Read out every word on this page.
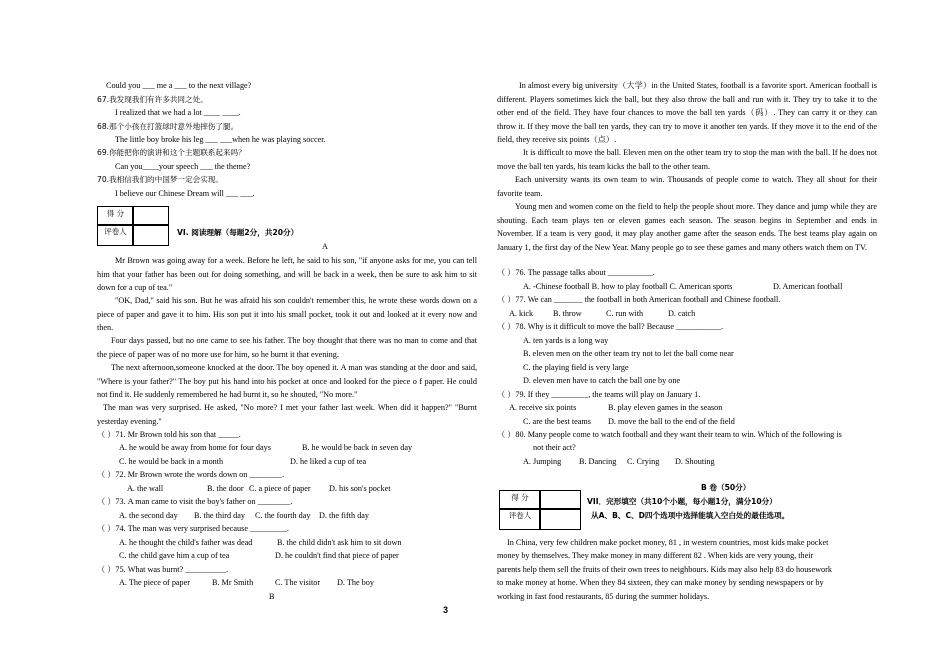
Could you ___ me a ___ to the next village?
67.我发现我们有许多共同之处。
I realized that we had a lot ____ ____.
68.那个小孩在打篮球时意外地摔伤了腿。
The little boy broke his leg ___ ___when he was playing soccer.
69.你能把你的演讲和这个主题联系起来吗？
Can you____your speech ___ the theme?
70.我相信我们的中国梦一定会实现。
I believe our Chinese Dream will ___ ___.
得 分
评卷人	VI. 阅读理解（每题2分，共20分）
A
Mr Brown was going away for a week. Before he left, he said to his son, "if anyone asks for me, you can tell him that your father has been out for doing something, and will be back in a week, then be sure to ask him to sit down for a cup of tea."
"OK, Dad," said his son. But he was afraid his son couldn't remember this, he wrote these words down on a piece of paper and gave it to him. His son put it into his small pocket, took it out and looked at it every now and then.
Four days passed, but no one came to see his father. The boy thought that there was no man to come and that the piece of paper was of no more use for him, so he burnt it that evening.
The next afternoon,someone knocked at the door. The boy opened it. A man was standing at the door and said, "Where is your father?" The boy put his hand into his pocket at once and looked for the piece o f paper. He could not find it. He suddenly remembered he had burnt it, so he shouted, "No more."
The man was very surprised. He asked, "No more? I met your father last week. When did it happen?" "Burnt yesterday evening."
（ ）71. Mr Brown told his son that _____.
A. he would be away from home for four days	B. he would be back in seven day
C. he would be back in a month	D. he liked a cup of tea
（ ）72. Mr Brown wrote the words down on ________.
A. the wall	B. the door C. a piece of paper D. his son's pocket
（ ）73. A man came to visit the boy's father on ________.
A. the second day B. the third day C. the fourth day D. the fifth day
（ ）74. The man was very surprised because _________.
A. he thought the child's father was dead	B. the child didn't ask him to sit down
C. the child gave him a cup of tea	D. he couldn't find that piece of paper
（ ）75. What was burnt? __________.
A. The piece of paper	B. Mr Smith	C. The visitor D. The boy
B
In almost every big university（大学）in the United States, football is a favorite sport. American football is different. Players sometimes kick the ball, but they also throw the ball and run with it. They try to take it to the other end of the field. They have four chances to move the ball ten yards（码）. They can carry it or they can throw it. If they move the ball ten yards, they can try to move it another ten yards. If they move it to the end of the field, they receive six points（点）.
It is difficult to move the ball. Eleven men on the other team try to stop the man with the ball. If he does not move the ball ten yards, his team kicks the ball to the other team.
Each university wants its own team to win. Thousands of people come to watch. They all shout for their favorite team.
Young men and women come on the field to help the people shout more. They dance and jump while they are shouting. Each team plays ten or eleven games each season. The season begins in September and ends in November. If a team is very good, it may play another game after the season ends. The best teams play again on January 1, the first day of the New Year. Many people go to see these games and many others watch them on TV.
（ ）76. The passage talks about ___________.
A. -Chinese football B. how to play football C. American sports	D. American football
（ ）77. We can _______ the football in both American football and Chinese football.
A. kick B. throw	C. run with	D. catch
（ ）78. Why is it difficult to move the ball? Because ___________.
A. ten yards is a long way
B. eleven men on the other team try not to let the ball come near
C. the playing field is very large
D. eleven men have to catch the ball one by one
（ ）79. If they _________, the teams will play on January 1.
A. receive six points	B. play eleven games in the season
C. are the best teams D. move the ball to the end of the field
（ ）80. Many people come to watch football and they want their team to win. Which of the following is
not their act?
A. Jumping B. Dancing C. Crying D. Shouting
B 卷（50分）
得 分
评卷人
VII．完形填空（共10个小题，每小题1分，满分10分）
从A、B、C、D四个选项中选择能填入空白处的最佳选项。
In China, very few children make pocket money, 81 , in western countries, most kids make pocket
money by themselves. They make money in many different 82 . When kids are very young, their
parents help them sell the fruits of their own trees to neighbours. Kids may also help 83 do housework
to make money at home. When they 84 sixteen, they can make money by sending newspapers or by
working in fast food restaurants, 85 during the summer holidays.
3
